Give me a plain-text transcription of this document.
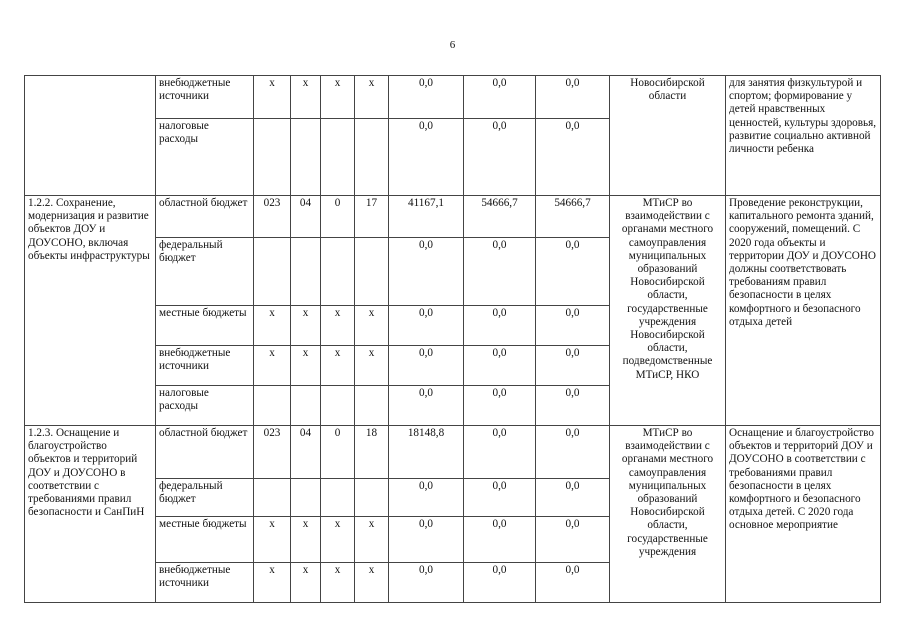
6
	внебюджетные источники	х	х	х	х	0,0	0,0	0,0	Новосибирской области	для занятия физкультурой и спортом; формирование у детей нравственных ценностей, культуры здоровья, развитие социально активной личности ребенка
	налоговые расходы					0,0	0,0	0,0		
1.2.2. Сохранение, модернизация и развитие объектов ДОУ и ДОУСОНО, включая объекты инфраструктуры	областной бюджет	023	04	0	17	41167,1	54666,7	54666,7	МТиСР во взаимодействии с органами местного самоуправления муниципальных образований Новосибирской области, государственные учреждения Новосибирской области, подведомственные МТиСР, НКО	Проведение реконструкции, капитального ремонта зданий, сооружений, помещений. С 2020 года объекты и территории ДОУ и ДОУСОНО должны соответствовать требованиям правил безопасности в целях комфортного и безопасного отдыха детей
	федеральный бюджет					0,0	0,0	0,0		
	местные бюджеты	х	х	х	х	0,0	0,0	0,0		
	внебюджетные источники	х	х	х	х	0,0	0,0	0,0		
	налоговые расходы					0,0	0,0	0,0		
1.2.3. Оснащение и благоустройство объектов и территорий ДОУ и ДОУСОНО в соответствии с требованиями правил безопасности и СанПиН	областной бюджет	023	04	0	18	18148,8	0,0	0,0	МТиСР во взаимодействии с органами местного самоуправления муниципальных образований Новосибирской области, государственные учреждения	Оснащение и благоустройство объектов и территорий ДОУ и ДОУСОНО в соответствии с требованиями правил безопасности в целях комфортного и безопасного отдыха детей. С 2020 года основное мероприятие
	федеральный бюджет					0,0	0,0	0,0		
	местные бюджеты	х	х	х	х	0,0	0,0	0,0		
	внебюджетные источники	х	х	х	х	0,0	0,0	0,0		
